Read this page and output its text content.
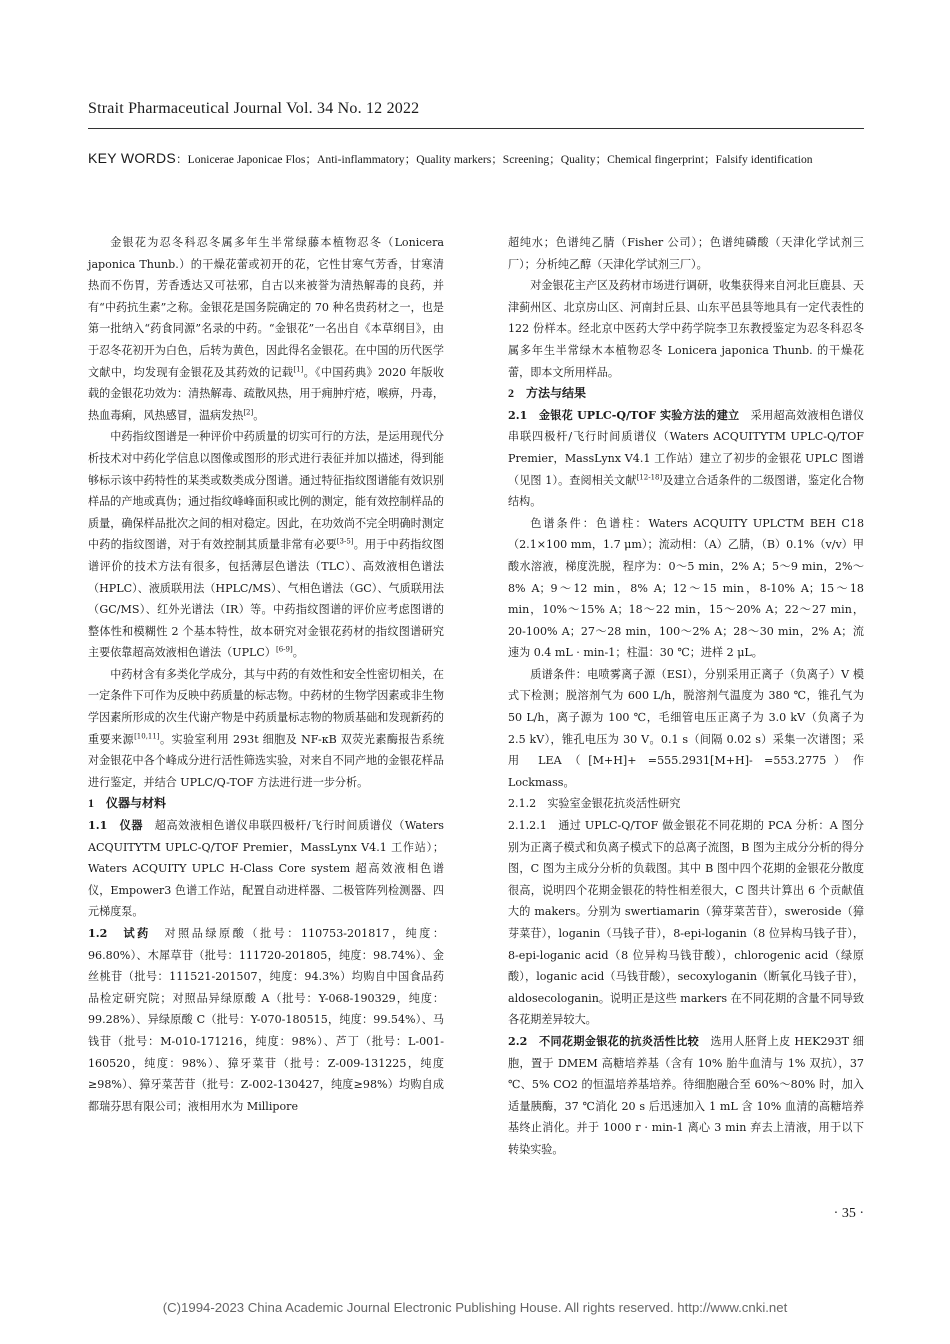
Strait Pharmaceutical Journal Vol. 34 No. 12 2022
KEY WORDS：Lonicerae Japonicae Flos；Anti-inflammatory；Quality markers；Screening；Quality；Chemical fingerprint；Falsify identification

金银花为忍冬科忍冬属多年生半常绿藤本植物忍冬（Lonicera japonica Thunb.）的干燥花蕾或初开的花，它性甘寒气芳香，甘寒清热而不伤胃，芳香透达又可祛邪，自古以来被誉为清热解毒的良药，并有“中药抗生素”之称。金银花是国务院确定的 70 种名贵药材之一，也是第一批纳入“药食同源”名录的中药。“金银花”一名出自《本草纲目》，由于忍冬花初开为白色，后转为黄色，因此得名金银花。在中国的历代医学文献中，均发现有金银花及其药效的记载[1]。《中国药典》2020 年版收载的金银花功效为：清热解毒、疏散风热，用于痈肿疔疮，喉痹，丹毒，热血毒痢，风热感冒，温病发热[2]。

中药指纹图谱是一种评价中药质量的切实可行的方法，是运用现代分析技术对中药化学信息以图像或图形的形式进行表征并加以描述，得到能够标示该中药特性的某类或数类成分图谱。通过特征指纹图谱能有效识别样品的产地或真伪；通过指纹峰峰面积或比例的测定，能有效控制样品的质量，确保样品批次之间的相对稳定。因此，在功效尚不完全明确时测定中药的指纹图谱，对于有效控制其质量非常有必要[3-5]。用于中药指纹图谱评价的技术方法有很多，包括薄层色谱法（TLC）、高效液相色谱法（HPLC）、液质联用法（HPLC/MS）、气相色谱法（GC）、气质联用法（GC/MS）、红外光谱法（IR）等。中药指纹图谱的评价应考虑图谱的整体性和模糊性 2 个基本特性，故本研究对金银花药材的指纹图谱研究主要依靠超高效液相色谱法（UPLC）[6-9]。

中药材含有多类化学成分，其与中药的有效性和安全性密切相关，在一定条件下可作为反映中药质量的标志物。中药材的生物学因素或非生物学因素所形成的次生代谢产物是中药质量标志物的物质基础和发现新药的重要来源[10,11]。实验室利用 293t 细胞及 NF-κB 双荧光素酶报告系统对金银花中各个峰成分进行活性筛选实验，对来自不同产地的金银花样品进行鉴定，并结合 UPLC/Q-TOF 方法进行进一步分析。

1　仪器与材料

1.1　仪器　超高效液相色谱仪串联四极杆/飞行时间质谱仪（Waters ACQUITYTM UPLC-Q/TOF Premier，MassLynx V4.1 工作站）；Waters ACQUITY UPLC H-Class Core system 超高效液相色谱仪，Empower3 色谱工作站，配置自动进样器、二极管阵列检测器、四元梯度泵。

1.2　试药　对照品绿原酸（批号：110753-201817，纯度：96.80%）、木犀草苷（批号：111720-201805，纯度：98.74%）、金丝桃苷（批号：111521-201507，纯度：94.3%）均购自中国食品药品检定研究院；对照品异绿原酸 A（批号：Y-068-190329，纯度：99.28%）、异绿原酸 C（批号：Y-070-180515，纯度：99.54%）、马钱苷（批号：M-010-171216，纯度：98%）、芦丁（批号：L-001-160520，纯度：98%）、獐牙菜苷（批号：Z-009-131225，纯度≥98%）、獐牙菜苦苷（批号：Z-002-130427，纯度≥98%）均购自成都瑞芬思有限公司；液相用水为 Millipore

超纯水；色谱纯乙腈（Fisher 公司）；色谱纯磷酸（天津化学试剂三厂）；分析纯乙醇（天津化学试剂三厂）。

对金银花主产区及药材市场进行调研，收集获得来自河北巨鹿县、天津蓟州区、北京房山区、河南封丘县、山东平邑县等地具有一定代表性的 122 份样本。经北京中医药大学中药学院李卫东教授鉴定为忍冬科忍冬属多年生半常绿木本植物忍冬 Lonicera japonica Thunb. 的干燥花蕾，即本文所用样品。

2　方法与结果

2.1　金银花 UPLC-Q/TOF 实验方法的建立　采用超高效液相色谱仪串联四极杆/飞行时间质谱仪（Waters ACQUITYTM UPLC-Q/TOF Premier，MassLynx V4.1 工作站）建立了初步的金银花 UPLC 图谱（见图 1）。查阅相关文献[12-18]及建立合适条件的二级图谱，鉴定化合物结构。

色谱条件：色谱柱：Waters ACQUITY UPLCTM BEH C18（2.1×100 mm，1.7 μm）；流动相：（A）乙腈，（B）0.1%（v/v）甲酸水溶液，梯度洗脱，程序为：0～5 min，2% A；5～9 min，2%～8% A；9～12 min，8% A；12～15 min，8-10% A；15～18 min，10%～15% A；18～22 min，15～20% A；22～27 min，20-100% A；27～28 min，100～2% A；28～30 min，2% A；流速为 0.4 mL · min-1；柱温：30 ℃；进样 2 μL。

质谱条件：电喷雾离子源（ESI），分别采用正离子（负离子）V 模式下检测；脱溶剂气为 600 L/h，脱溶剂气温度为 380 ℃，锥孔气为 50 L/h，离子源为 100 ℃，毛细管电压正离子为 3.0 kV（负离子为 2.5 kV），锥孔电压为 30 V。0.1 s（间隔 0.02 s）采集一次谱图；采用 LEA（[M+H]+ =555.2931[M+H]- =553.2775）作 Lockmass。

2.1.2　实验室金银花抗炎活性研究

2.1.2.1　通过 UPLC-Q/TOF 做金银花不同花期的 PCA 分析：A 图分别为正离子模式和负离子模式下的总离子流图，B 图为主成分分析的得分图，C 图为主成分分析的负载图。其中 B 图中四个花期的金银花分散度很高，说明四个花期金银花的特性相差很大，C 图共计算出 6 个贡献值大的 makers。分别为 swertiamarin（獐芽菜苦苷），sweroside（獐芽菜苷），loganin（马钱子苷），8-epi-loganin（8 位异构马钱子苷），8-epi-loganic acid（8 位异构马钱苷酸），chlorogenic acid（绿原酸），loganic acid（马钱苷酸），secoxyloganin（断氧化马钱子苷），aldosecologanin。说明正是这些 markers 在不同花期的含量不同导致各花期差异较大。

2.2　不同花期金银花的抗炎活性比较　选用人胚肾上皮 HEK293T 细胞，置于 DMEM 高糖培养基（含有 10% 胎牛血清与 1% 双抗），37 ℃、5% CO2 的恒温培养基培养。待细胞融合至 60%～80% 时，加入适量胰酶，37 ℃消化 20 s 后迅速加入 1 mL 含 10% 血清的高糖培养基终止消化。并于 1000 r · min-1 离心 3 min 弃去上清液，用于以下转染实验。

· 35 ·
(C)1994-2023 China Academic Journal Electronic Publishing House. All rights reserved. http://www.cnki.net
